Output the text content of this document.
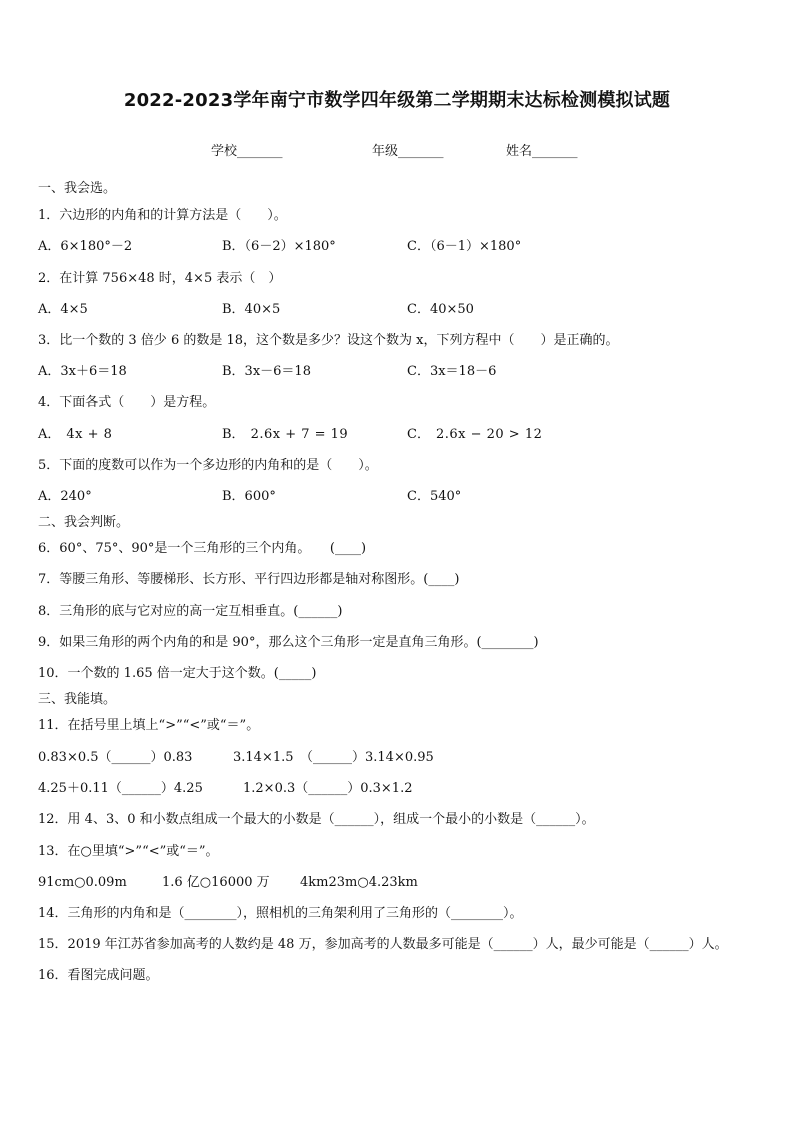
2022-2023学年南宁市数学四年级第二学期期末达标检测模拟试题
学校_______	年级_______	姓名_______
一、我会选。
1．六边形的内角和的计算方法是（　　）。
A．6×180°－2	B．（6－2）×180°	C．（6－1）×180°
2．在计算 756×48 时，4×5 表示（　）
A．4×5	B．40×5	C．40×50
3．比一个数的 3 倍少 6 的数是 18，这个数是多少？设这个数为 x，下列方程中（　　）是正确的。
A．3x＋6＝18	B．3x－6＝18	C．3x＝18－6
4．下面各式（　　）是方程。
A． 4x + 8	B． 2.6x + 7 = 19	C． 2.6x − 20 > 12
5．下面的度数可以作为一个多边形的内角和的是（　　）。
A．240°	B．600°	C．540°
二、我会判断。
6．60°、75°、90°是一个三角形的三个内角。　　(____)
7．等腰三角形、等腰梯形、长方形、平行四边形都是轴对称图形。(____)
8．三角形的底与它对应的高一定互相垂直。(______)
9．如果三角形的两个内角的和是 90°，那么这个三角形一定是直角三角形。(________)
10．一个数的 1.65 倍一定大于这个数。(_____)
三、我能填。
11．在括号里上填上“>”“<”或“＝”。
0.83×0.5（______）0.83	3.14×1.5　（______）3.14×0.95
4.25＋0.11（______）4.25	1.2×0.3（______）0.3×1.2
12．用 4、3、0 和小数点组成一个最大的小数是（______），组成一个最小的小数是（______）。
13．在○里填“>”“<”或“＝”。
91cm○0.09m	1.6 亿○16000 万 4km23m○4.23km
14．三角形的内角和是（________），照相机的三角架利用了三角形的（________）。
15．2019 年江苏省参加高考的人数约是 48 万，参加高考的人数最多可能是（______）人，最少可能是（______）人。
16．看图完成问题。
